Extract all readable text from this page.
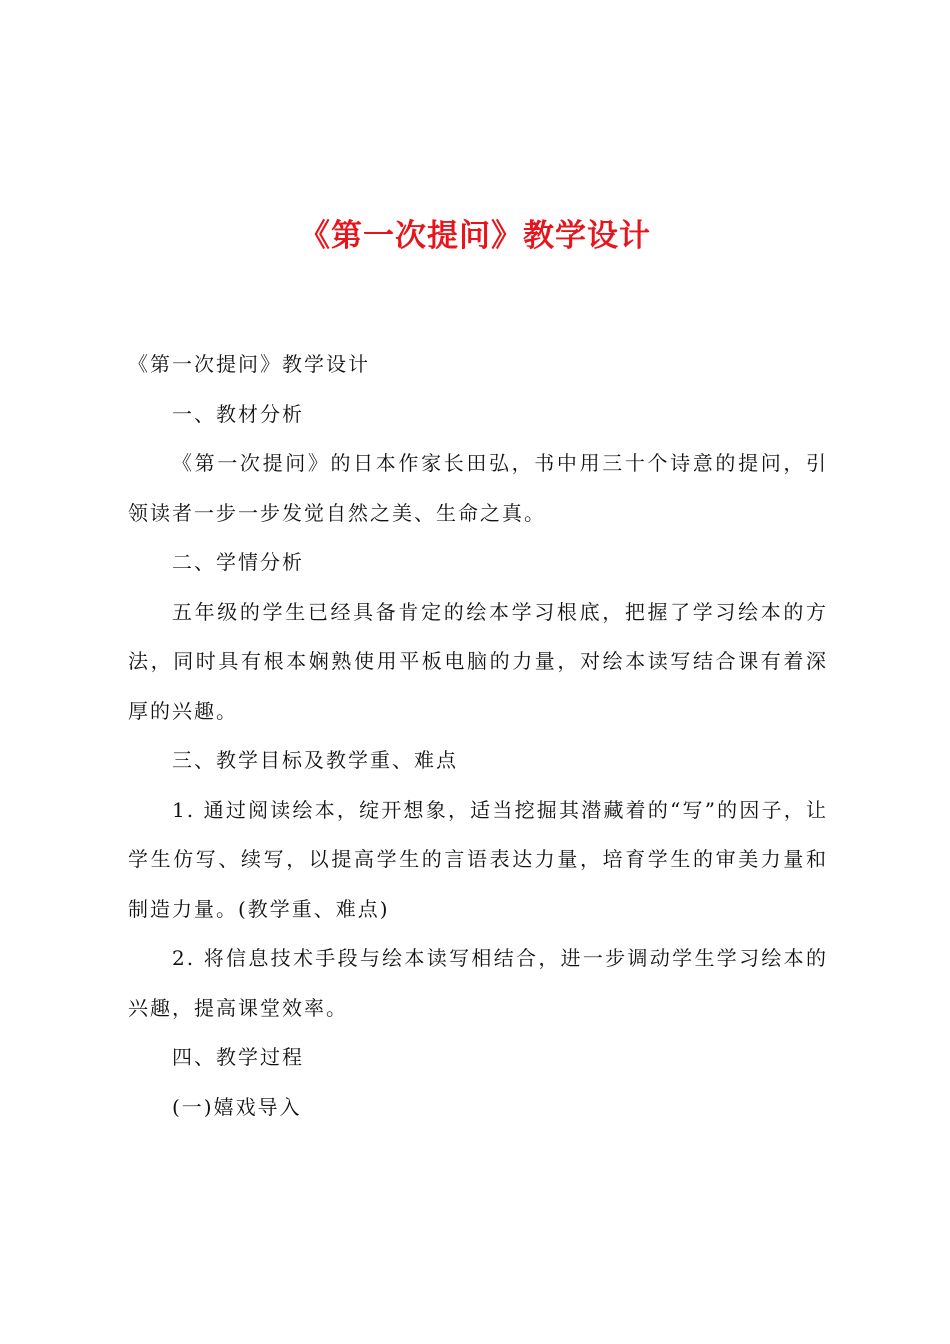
《第一次提问》教学设计

《第一次提问》教学设计

一、教材分析

《第一次提问》的日本作家长田弘，书中用三十个诗意的提问，引领读者一步一步发觉自然之美、生命之真。

二、学情分析

五年级的学生已经具备肯定的绘本学习根底，把握了学习绘本的方法，同时具有根本娴熟使用平板电脑的力量，对绘本读写结合课有着深厚的兴趣。

三、教学目标及教学重、难点

1. 通过阅读绘本，绽开想象，适当挖掘其潜藏着的“写”的因子，让学生仿写、续写，以提高学生的言语表达力量，培育学生的审美力量和制造力量。(教学重、难点)

2. 将信息技术手段与绘本读写相结合，进一步调动学生学习绘本的兴趣，提高课堂效率。

四、教学过程

(一)嬉戏导入
